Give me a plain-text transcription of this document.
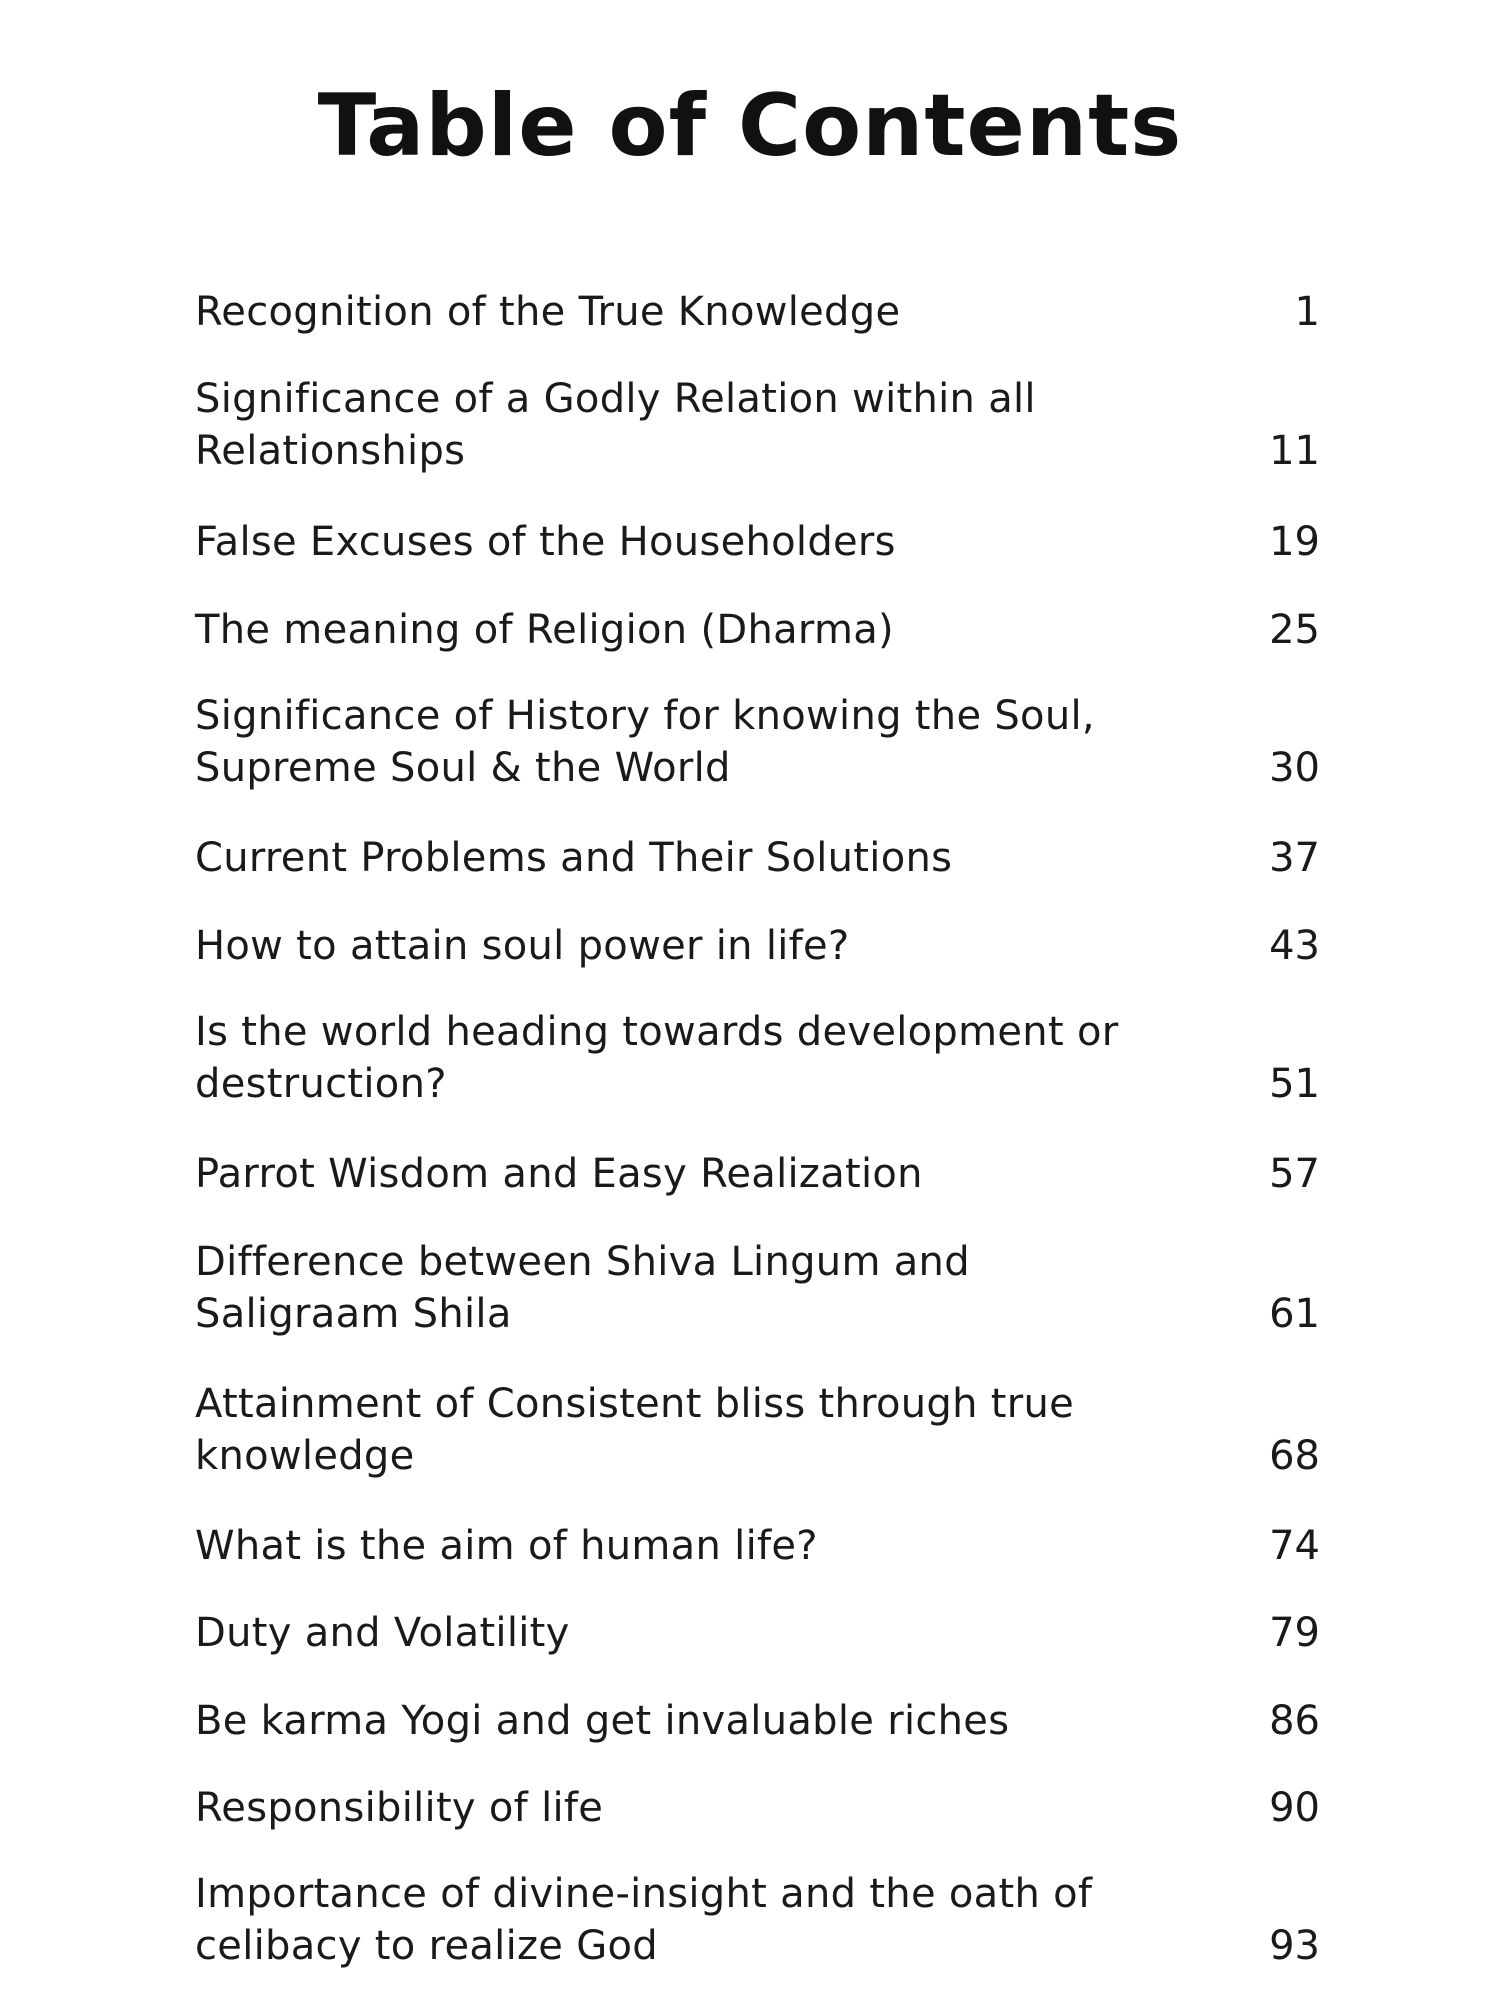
Table of Contents
Recognition of the True Knowledge	1
Significance of a Godly Relation within all Relationships	11
False Excuses of the Householders	19
The meaning of Religion (Dharma)	25
Significance of History for knowing the Soul, Supreme Soul & the World	30
Current Problems and Their Solutions	37
How to attain soul power in life?	43
Is the world heading towards development or destruction?	51
Parrot Wisdom and Easy Realization	57
Difference between Shiva Lingum and Saligraam Shila	61
Attainment of Consistent bliss through true knowledge	68
What is the aim of human life?	74
Duty and Volatility	79
Be karma Yogi and get invaluable riches	86
Responsibility of life	90
Importance of divine-insight and the oath of celibacy to realize God	93
